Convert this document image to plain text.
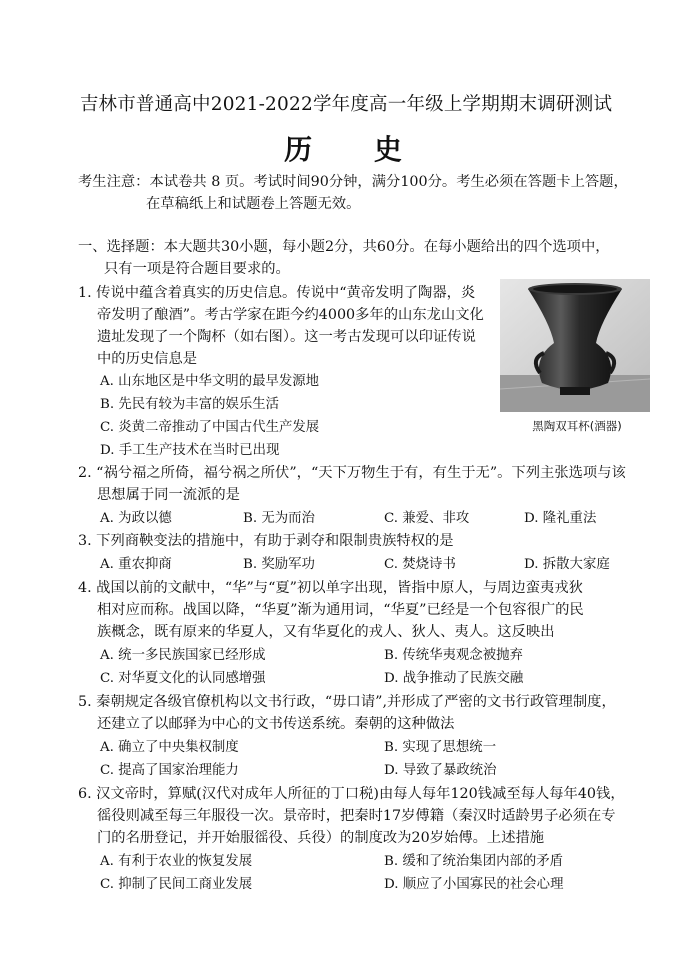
吉林市普通高中2021-2022学年度高一年级上学期期末调研测试
历 史
考生注意：本试卷共 8 页。考试时间90分钟，满分100分。考生必须在答题卡上答题，
在草稿纸上和试题卷上答题无效。
一、选择题：本大题共30小题，每小题2分，共60分。在每小题给出的四个选项中，
只有一项是符合题目要求的。
1. 传说中蕴含着真实的历史信息。传说中“黄帝发明了陶器，炎
帝发明了酿酒”。考古学家在距今约4000多年的山东龙山文化
遗址发现了一个陶杯（如右图）。这一考古发现可以印证传说
中的历史信息是
A. 山东地区是中华文明的最早发源地
B. 先民有较为丰富的娱乐生活
C. 炎黄二帝推动了中国古代生产发展
D. 手工生产技术在当时已出现
黑陶双耳杯(酒器)
2. “祸兮福之所倚，福兮祸之所伏”，“天下万物生于有，有生于无”。下列主张选项与该
思想属于同一流派的是
A. 为政以德	B. 无为而治	C. 兼爱、非攻	D. 隆礼重法
3. 下列商鞅变法的措施中，有助于剥夺和限制贵族特权的是
A. 重农抑商	B. 奖励军功	C. 焚烧诗书	D. 拆散大家庭
4. 战国以前的文献中，“华”与“夏”初以单字出现，皆指中原人，与周边蛮夷戎狄
相对应而称。战国以降，“华夏”渐为通用词，“华夏”已经是一个包容很广的民
族概念，既有原来的华夏人，又有华夏化的戎人、狄人、夷人。这反映出
A. 统一多民族国家已经形成	B. 传统华夷观念被抛弃
C. 对华夏文化的认同感增强	D. 战争推动了民族交融
5. 秦朝规定各级官僚机构以文书行政，“毋口请”,并形成了严密的文书行政管理制度，
还建立了以邮驿为中心的文书传送系统。秦朝的这种做法
A. 确立了中央集权制度	B. 实现了思想统一
C. 提高了国家治理能力	D. 导致了暴政统治
6. 汉文帝时，算赋(汉代对成年人所征的丁口税)由每人每年120钱减至每人每年40钱，
徭役则减至每三年服役一次。景帝时，把秦时17岁傅籍（秦汉时适龄男子必须在专
门的名册登记，并开始服徭役、兵役）的制度改为20岁始傅。上述措施
A. 有利于农业的恢复发展	B. 缓和了统治集团内部的矛盾
C. 抑制了民间工商业发展	D. 顺应了小国寡民的社会心理
